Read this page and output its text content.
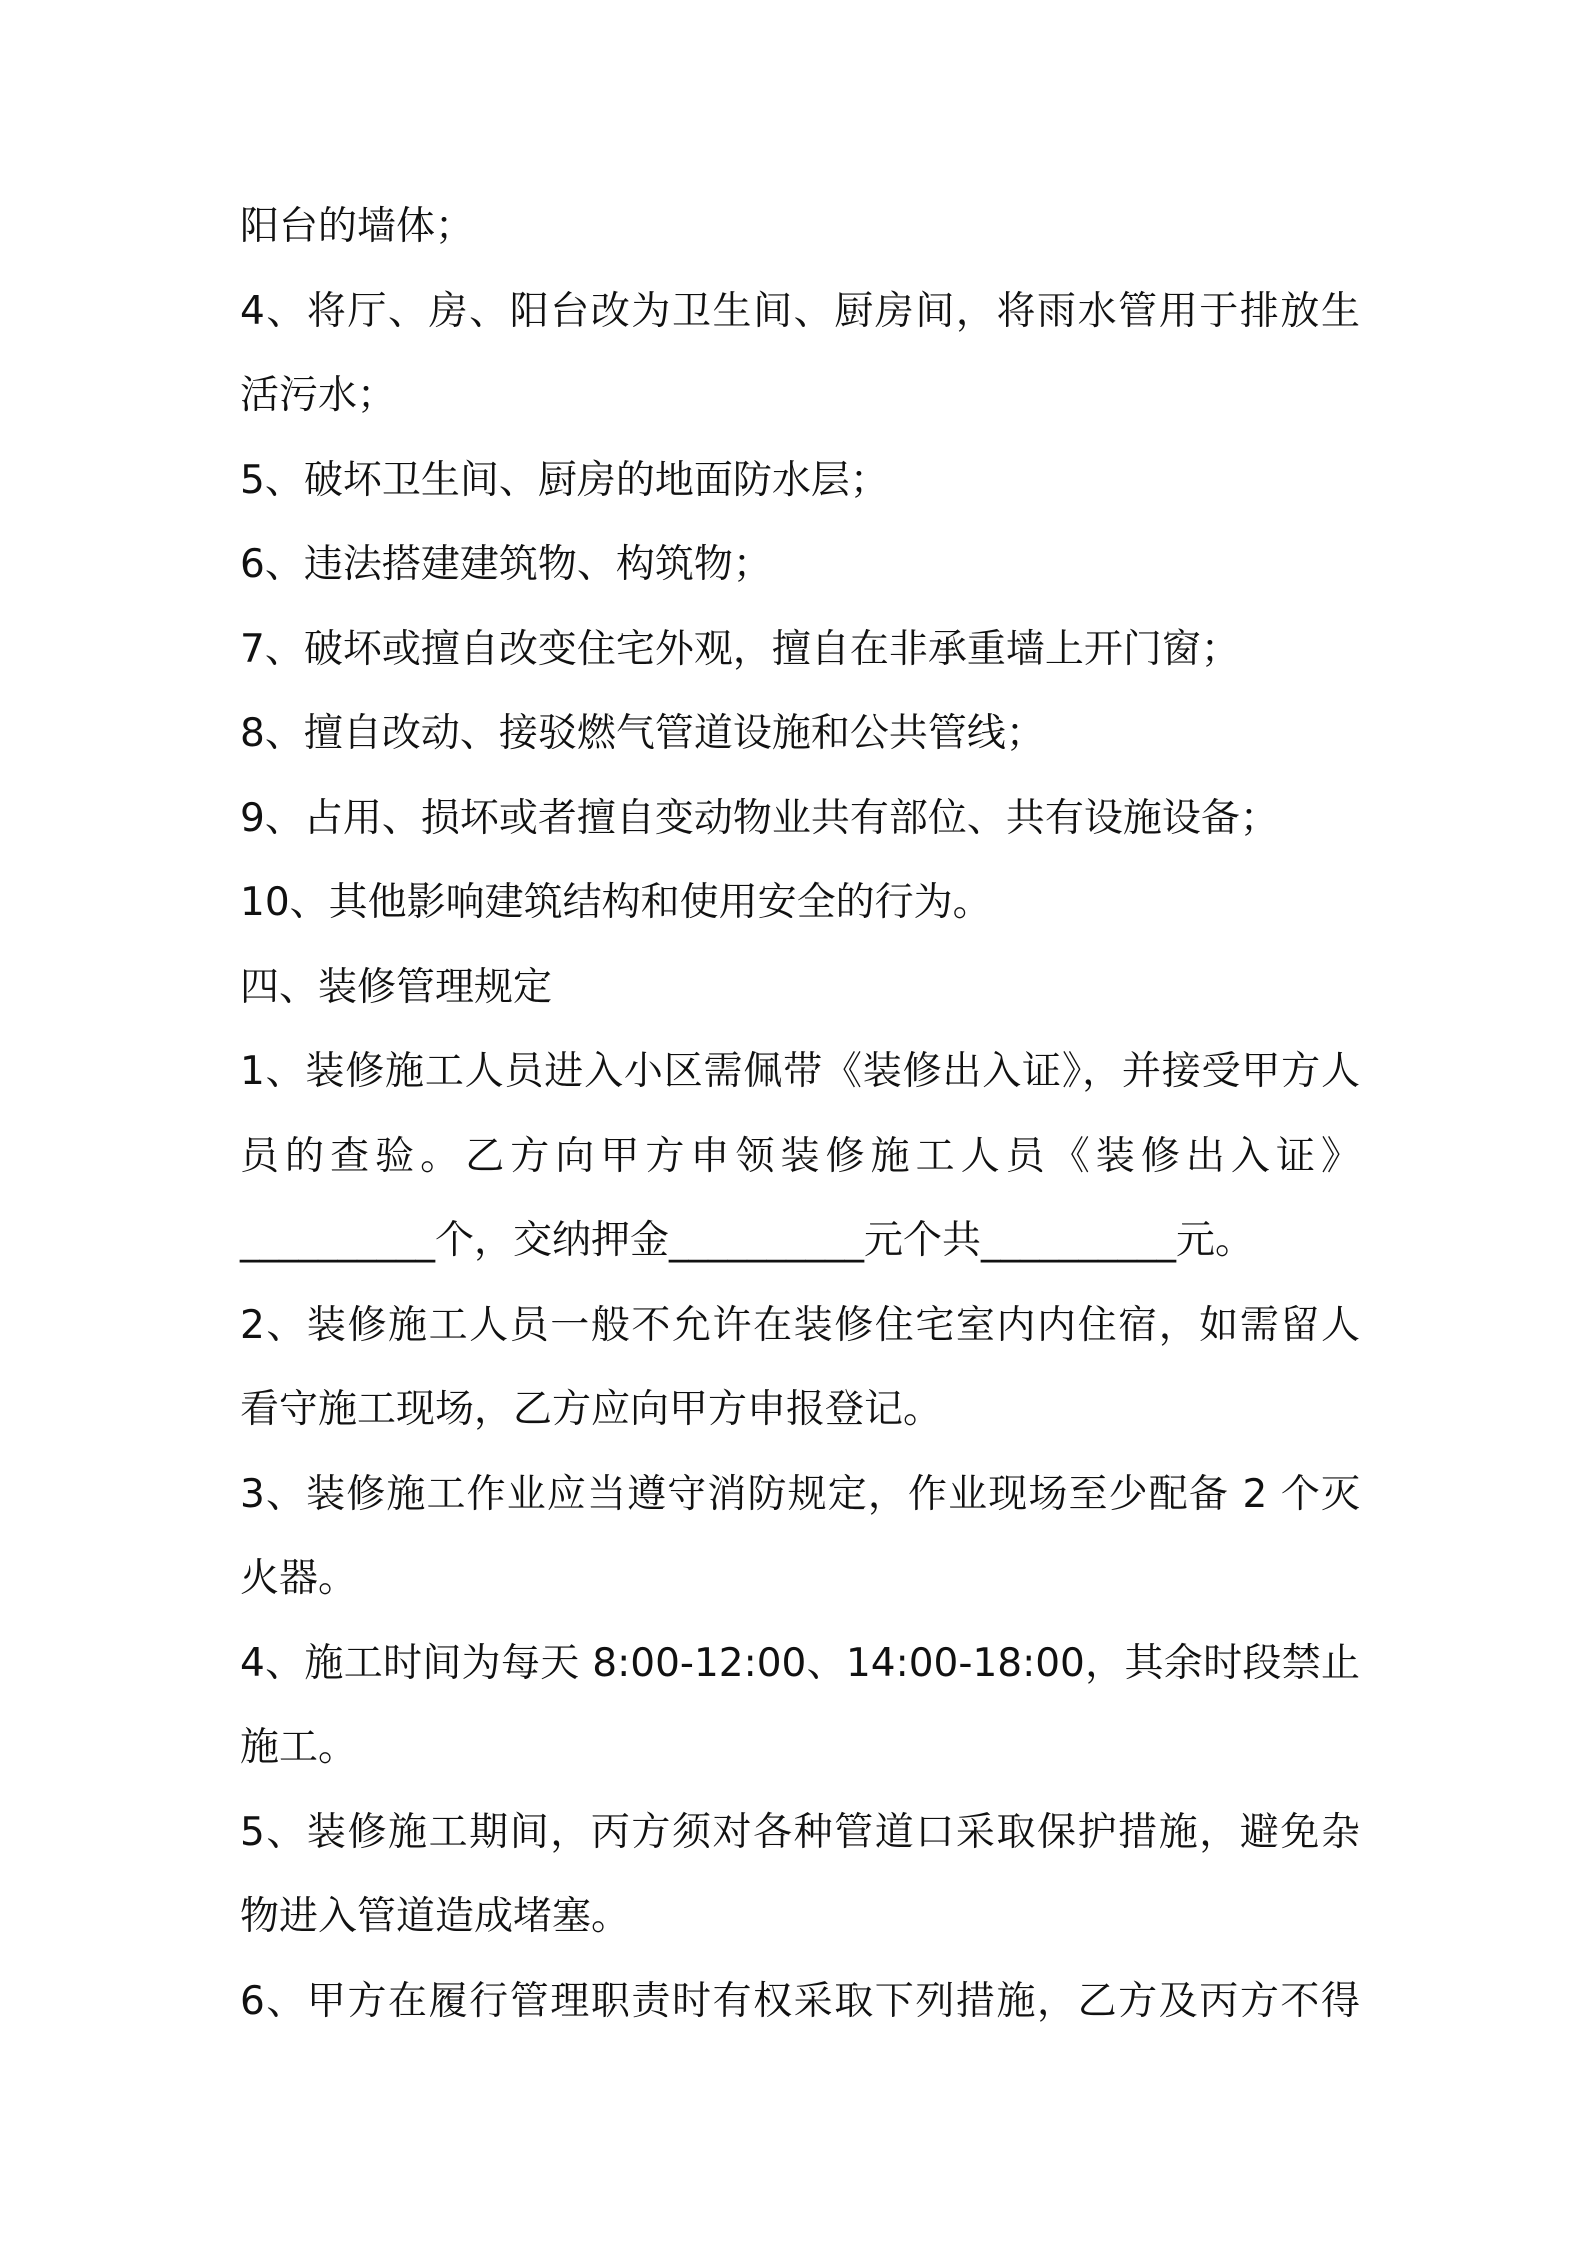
阳台的墙体；
4、将厅、房、阳台改为卫生间、厨房间，将雨水管用于排放生
活污水；
5、破坏卫生间、厨房的地面防水层；
6、违法搭建建筑物、构筑物；
7、破坏或擅自改变住宅外观，擅自在非承重墙上开门窗；
8、擅自改动、接驳燃气管道设施和公共管线；
9、占用、损坏或者擅自变动物业共有部位、共有设施设备；
10、其他影响建筑结构和使用安全的行为。
四、装修管理规定
1、装修施工人员进入小区需佩带《装修出入证》，并接受甲方人
员的查验。乙方向甲方申领装修施工人员《装修出入证》
__________个，交纳押金__________元个共__________元。
2、装修施工人员一般不允许在装修住宅室内内住宿，如需留人
看守施工现场，乙方应向甲方申报登记。
3、装修施工作业应当遵守消防规定，作业现场至少配备 2 个灭
火器。
4、施工时间为每天 8:00-12:00、14:00-18:00，其余时段禁止
施工。
5、装修施工期间，丙方须对各种管道口采取保护措施，避免杂
物进入管道造成堵塞。
6、甲方在履行管理职责时有权采取下列措施，乙方及丙方不得
